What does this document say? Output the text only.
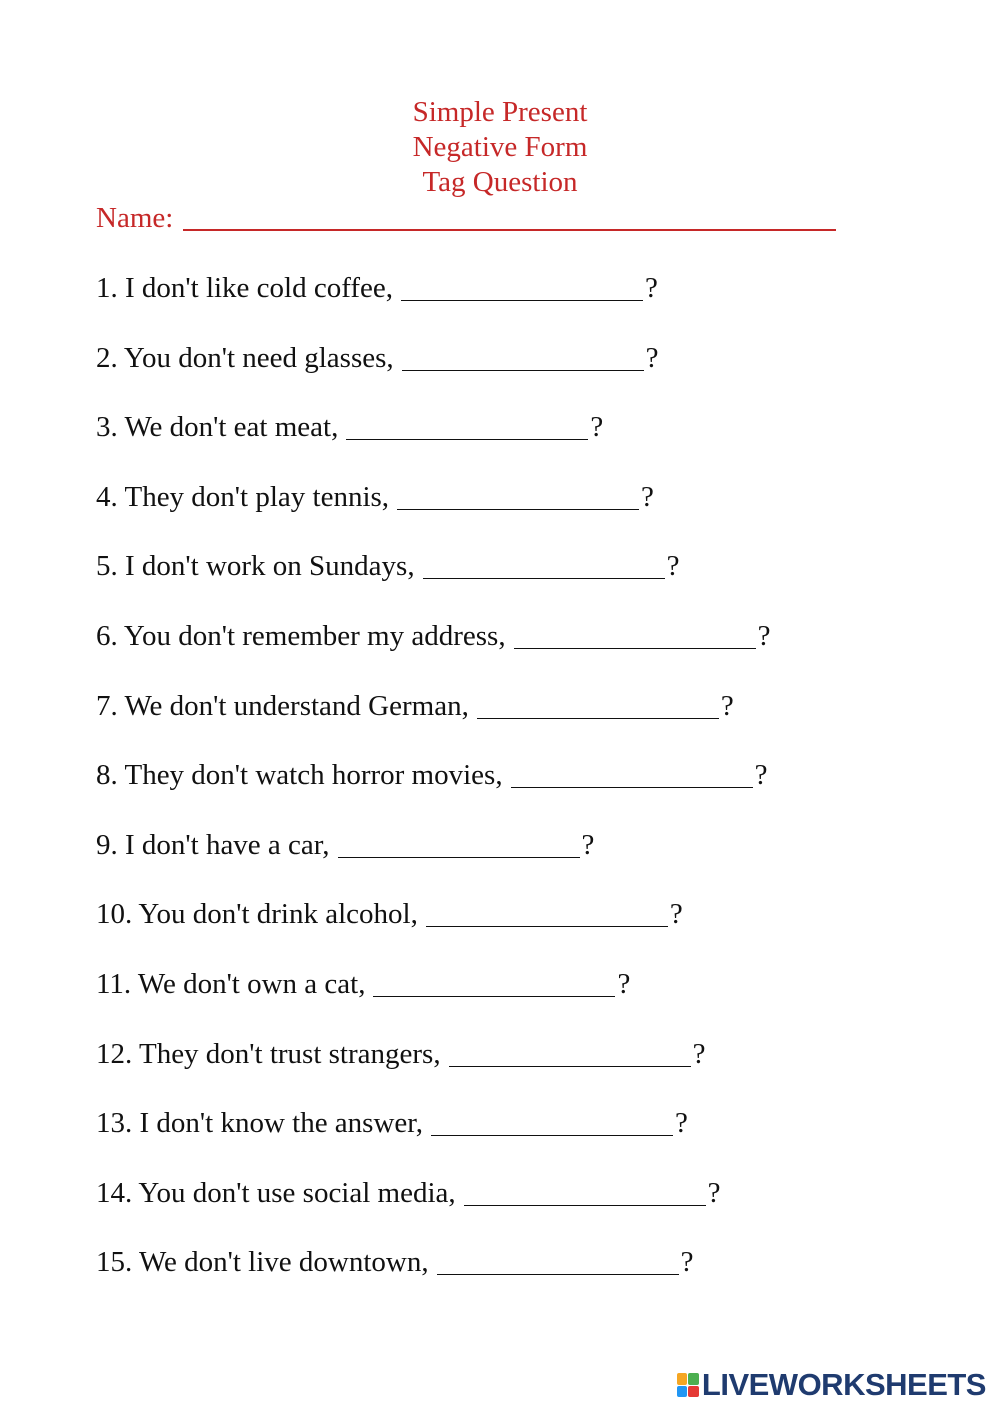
Simple Present
Negative Form
Tag Question
Name:
1. I don't like cold coffee,	?
2. You don't need glasses,	?
3. We don't eat meat,	?
4. They don't play tennis,	?
5. I don't work on Sundays,	?
6. You don't remember my address,	?
7. We don't understand German,	?
8. They don't watch horror movies,	?
9. I don't have a car,	?
10. You don't drink alcohol,	?
11. We don't own a cat,	?
12. They don't trust strangers,	?
13. I don't know the answer,	?
14. You don't use social media,	?
15. We don't live downtown,	?
LIVEWORKSHEETS
